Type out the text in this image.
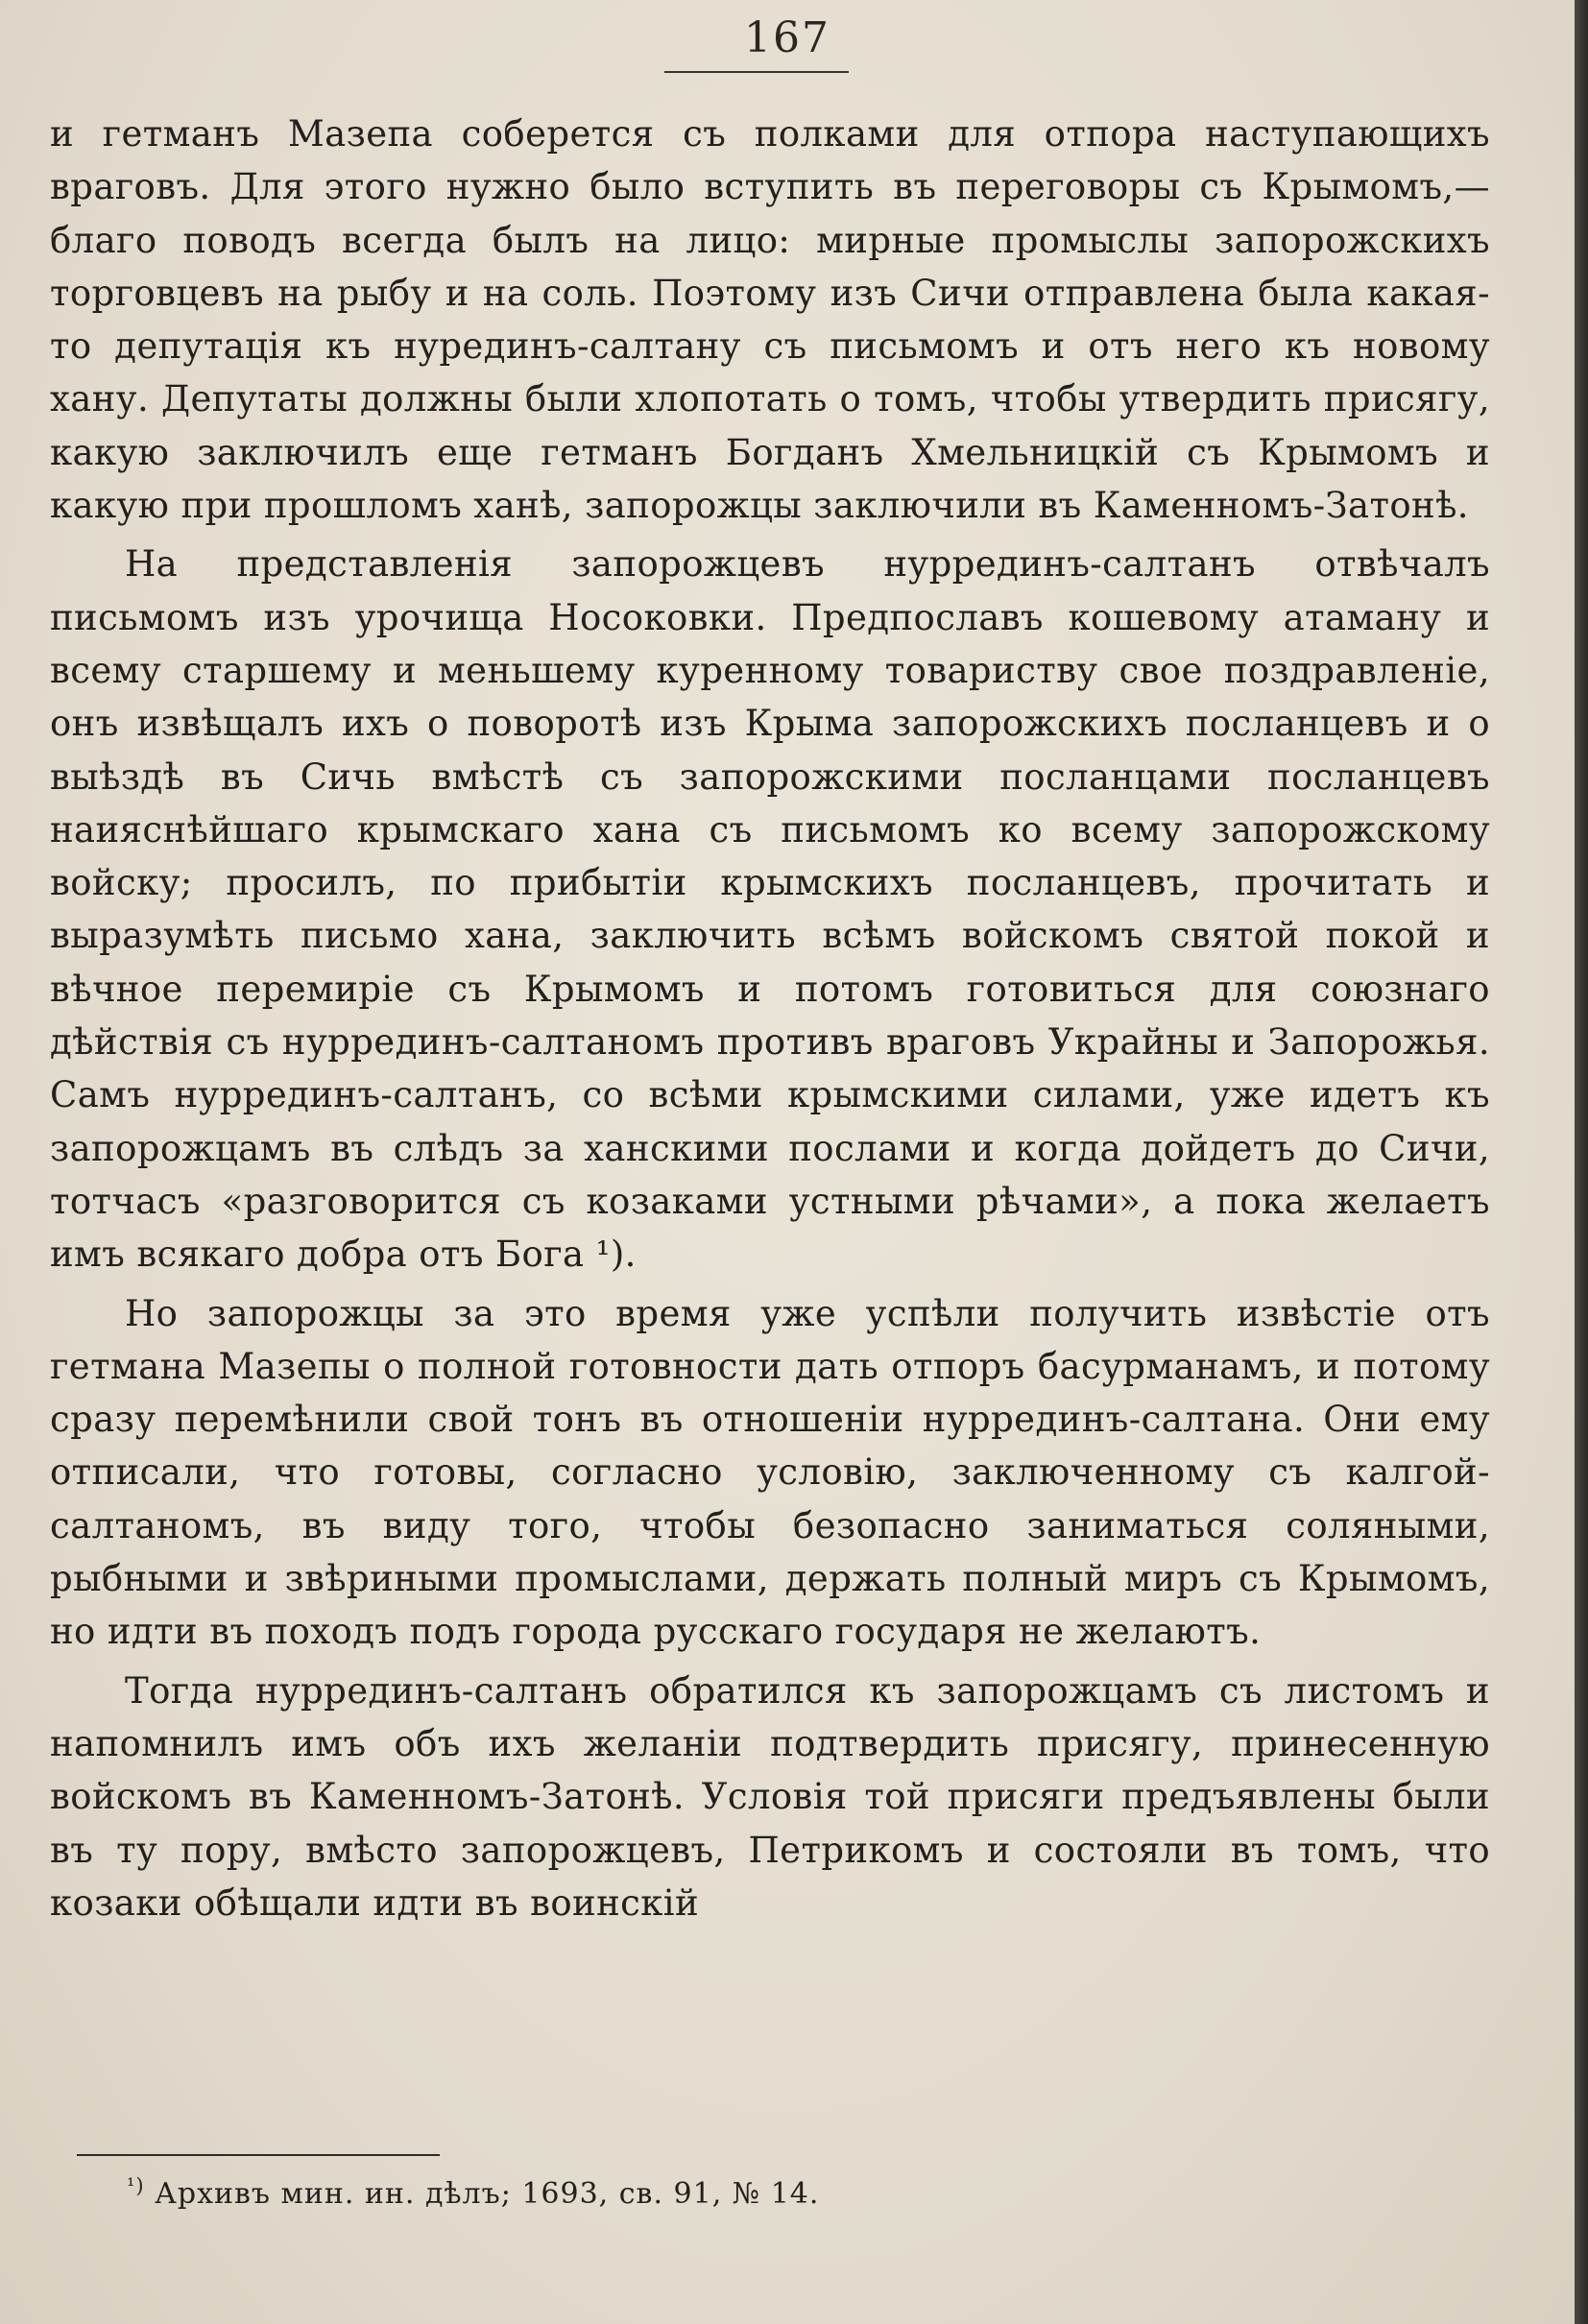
167

и гетманъ Мазепа соберется съ полками для отпора наступающихъ враговъ. Для этого нужно было вступить въ переговоры съ Крымомъ,—благо поводъ всегда былъ на лицо: мирные промыслы запорожскихъ торговцевъ на рыбу и на соль. Поэтому изъ Сичи отправлена была какая-то депутація къ нурединъ-салтану съ письмомъ и отъ него къ новому хану. Депутаты должны были хлопотать о томъ, чтобы утвердить присягу, какую заключилъ еще гетманъ Богданъ Хмельницкій съ Крымомъ и какую при прошломъ ханѣ, запорожцы заключили въ Каменномъ-Затонѣ.

На представленія запорожцевъ нуррединъ-салтанъ отвѣчалъ письмомъ изъ урочища Носоковки. Предпославъ кошевому атаману и всему старшему и меньшему куренному товариству свое поздравленіе, онъ извѣщалъ ихъ о поворотѣ изъ Крыма запорожскихъ посланцевъ и о выѣздѣ въ Сичь вмѣстѣ съ запорожскими посланцами посланцевъ наияснѣйшаго крымскаго хана съ письмомъ ко всему запорожскому войску; просилъ, по прибытіи крымскихъ посланцевъ, прочитать и выразумѣть письмо хана, заключить всѣмъ войскомъ святой покой и вѣчное перемиріе съ Крымомъ и потомъ готовиться для союзнаго дѣйствія съ нуррединъ-салтаномъ противъ враговъ Украйны и Запорожья. Самъ нуррединъ-салтанъ, со всѣми крымскими силами, уже идетъ къ запорожцамъ въ слѣдъ за ханскими послами и когда дойдетъ до Сичи, тотчасъ «разговорится съ козаками устными рѣчами», а пока желаетъ имъ всякаго добра отъ Бога ¹).

Но запорожцы за это время уже успѣли получить извѣстіе отъ гетмана Мазепы о полной готовности дать отпоръ басурманамъ, и потому сразу перемѣнили свой тонъ въ отношеніи нуррединъ-салтана. Они ему отписали, что готовы, согласно условію, заключенному съ калгой-салтаномъ, въ виду того, чтобы безопасно заниматься соляными, рыбными и звѣриными промыслами, держать полный миръ съ Крымомъ, но идти въ походъ подъ города русскаго государя не желаютъ.

Тогда нуррединъ-салтанъ обратился къ запорожцамъ съ листомъ и напомнилъ имъ объ ихъ желаніи подтвердить присягу, принесенную войскомъ въ Каменномъ-Затонѣ. Условія той присяги предъявлены были въ ту пору, вмѣсто запорожцевъ, Петрикомъ и состояли въ томъ, что козаки обѣщали идти въ воинскій

$^{^1)}$ Архивъ мин. ин. дѣлъ; 1693, св. 91, № 14.
